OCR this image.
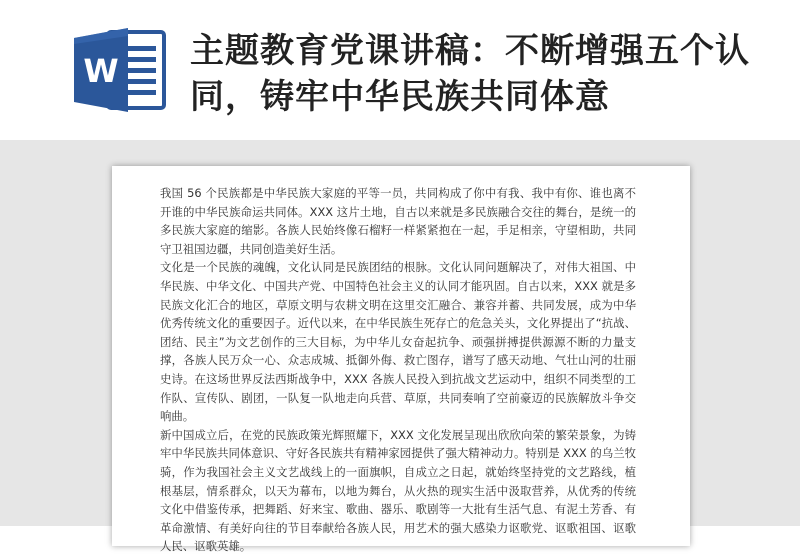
W 主题教育党课讲稿：不断增强五个认同，铸牢中华民族共同体意

我国 56 个民族都是中华民族大家庭的平等一员，共同构成了你中有我、我中有你、谁也离不开谁的中华民族命运共同体。XXX 这片土地，自古以来就是多民族融合交往的舞台，是统一的多民族大家庭的缩影。各族人民始终像石榴籽一样紧紧抱在一起，手足相亲，守望相助，共同守卫祖国边疆，共同创造美好生活。

文化是一个民族的魂魄，文化认同是民族团结的根脉。文化认同问题解决了，对伟大祖国、中华民族、中华文化、中国共产党、中国特色社会主义的认同才能巩固。自古以来，XXX 就是多民族文化汇合的地区，草原文明与农耕文明在这里交汇融合、兼容并蓄、共同发展，成为中华优秀传统文化的重要因子。近代以来，在中华民族生死存亡的危急关头，文化界提出了“抗战、团结、民主”为文艺创作的三大目标，为中华儿女奋起抗争、顽强拼搏提供源源不断的力量支撑，各族人民万众一心、众志成城、抵御外侮、救亡图存，谱写了感天动地、气壮山河的壮丽史诗。在这场世界反法西斯战争中，XXX 各族人民投入到抗战文艺运动中，组织不同类型的工作队、宣传队、剧团，一队复一队地走向兵营、草原，共同奏响了空前豪迈的民族解放斗争交响曲。

新中国成立后，在党的民族政策光辉照耀下，XXX 文化发展呈现出欣欣向荣的繁荣景象，为铸牢中华民族共同体意识、守好各民族共有精神家园提供了强大精神动力。特别是 XXX 的乌兰牧骑，作为我国社会主义文艺战线上的一面旗帜，自成立之日起，就始终坚持党的文艺路线，植根基层，情系群众，以天为幕布，以地为舞台，从火热的现实生活中汲取营养，从优秀的传统文化中借鉴传承，把舞蹈、好来宝、歌曲、器乐、歌剧等一大批有生活气息、有泥土芳香、有革命激情、有美好向往的节目奉献给各族人民，用艺术的强大感染力讴歌党、讴歌祖国、讴歌人民、讴歌英雄。
